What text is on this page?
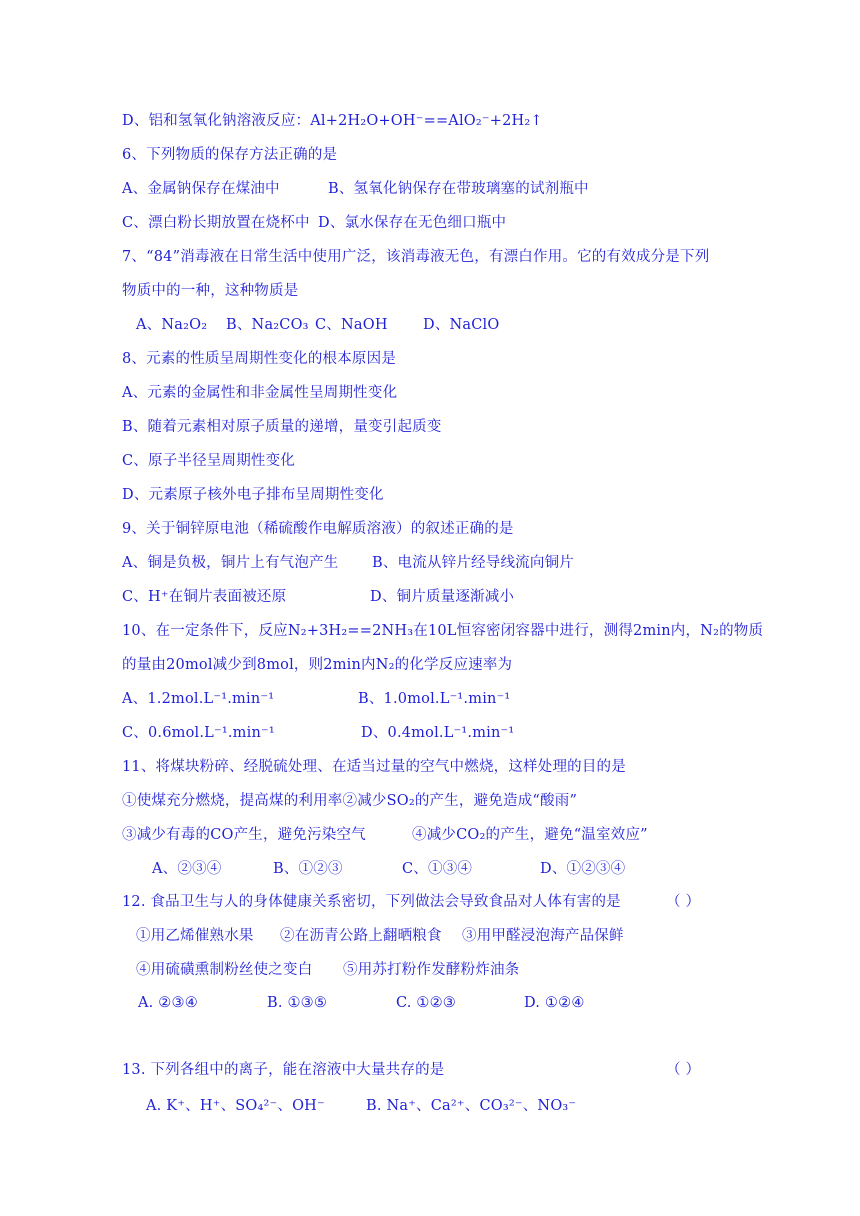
D、铝和氢氧化钠溶液反应：Al+2H₂O+OH⁻==AlO₂⁻+2H₂↑
6、下列物质的保存方法正确的是
A、金属钠保存在煤油中	B、氢氧化钠保存在带玻璃塞的试剂瓶中
C、漂白粉长期放置在烧杯中 D、氯水保存在无色细口瓶中
7、“84”消毒液在日常生活中使用广泛，该消毒液无色，有漂白作用。它的有效成分是下列
物质中的一种，这种物质是
A、Na₂O₂ B、Na₂CO₃ C、NaOH D、NaClO
8、元素的性质呈周期性变化的根本原因是
A、元素的金属性和非金属性呈周期性变化
B、随着元素相对原子质量的递增，量变引起质变
C、原子半径呈周期性变化
D、元素原子核外电子排布呈周期性变化
9、关于铜锌原电池（稀硫酸作电解质溶液）的叙述正确的是
A、铜是负极，铜片上有气泡产生 B、电流从锌片经导线流向铜片
C、H⁺在铜片表面被还原	D、铜片质量逐渐减小
10、在一定条件下，反应N₂+3H₂==2NH₃在10L恒容密闭容器中进行，测得2min内，N₂的物质
的量由20mol减少到8mol，则2min内N₂的化学反应速率为
A、1.2mol.L⁻¹.min⁻¹	B、1.0mol.L⁻¹.min⁻¹
C、0.6mol.L⁻¹.min⁻¹	D、0.4mol.L⁻¹.min⁻¹
11、将煤块粉碎、经脱硫处理、在适当过量的空气中燃烧，这样处理的目的是
①使煤充分燃烧，提高煤的利用率②减少SO₂的产生，避免造成“酸雨”
③减少有毒的CO产生，避免污染空气	④减少CO₂的产生，避免“温室效应”
A、②③④	B、①②③	C、①③④	D、①②③④
12. 食品卫生与人的身体健康关系密切，下列做法会导致食品对人体有害的是	（ ）
①用乙烯催熟水果 ②在沥青公路上翻晒粮食 ③用甲醛浸泡海产品保鲜
④用硫磺熏制粉丝使之变白 ⑤用苏打粉作发酵粉炸油条
A. ②③④	B. ①③⑤	C. ①②③	D. ①②④
13. 下列各组中的离子，能在溶液中大量共存的是	（ ）
A. K⁺、H⁺、SO₄²⁻、OH⁻	B. Na⁺、Ca²⁺、CO₃²⁻、NO₃⁻
